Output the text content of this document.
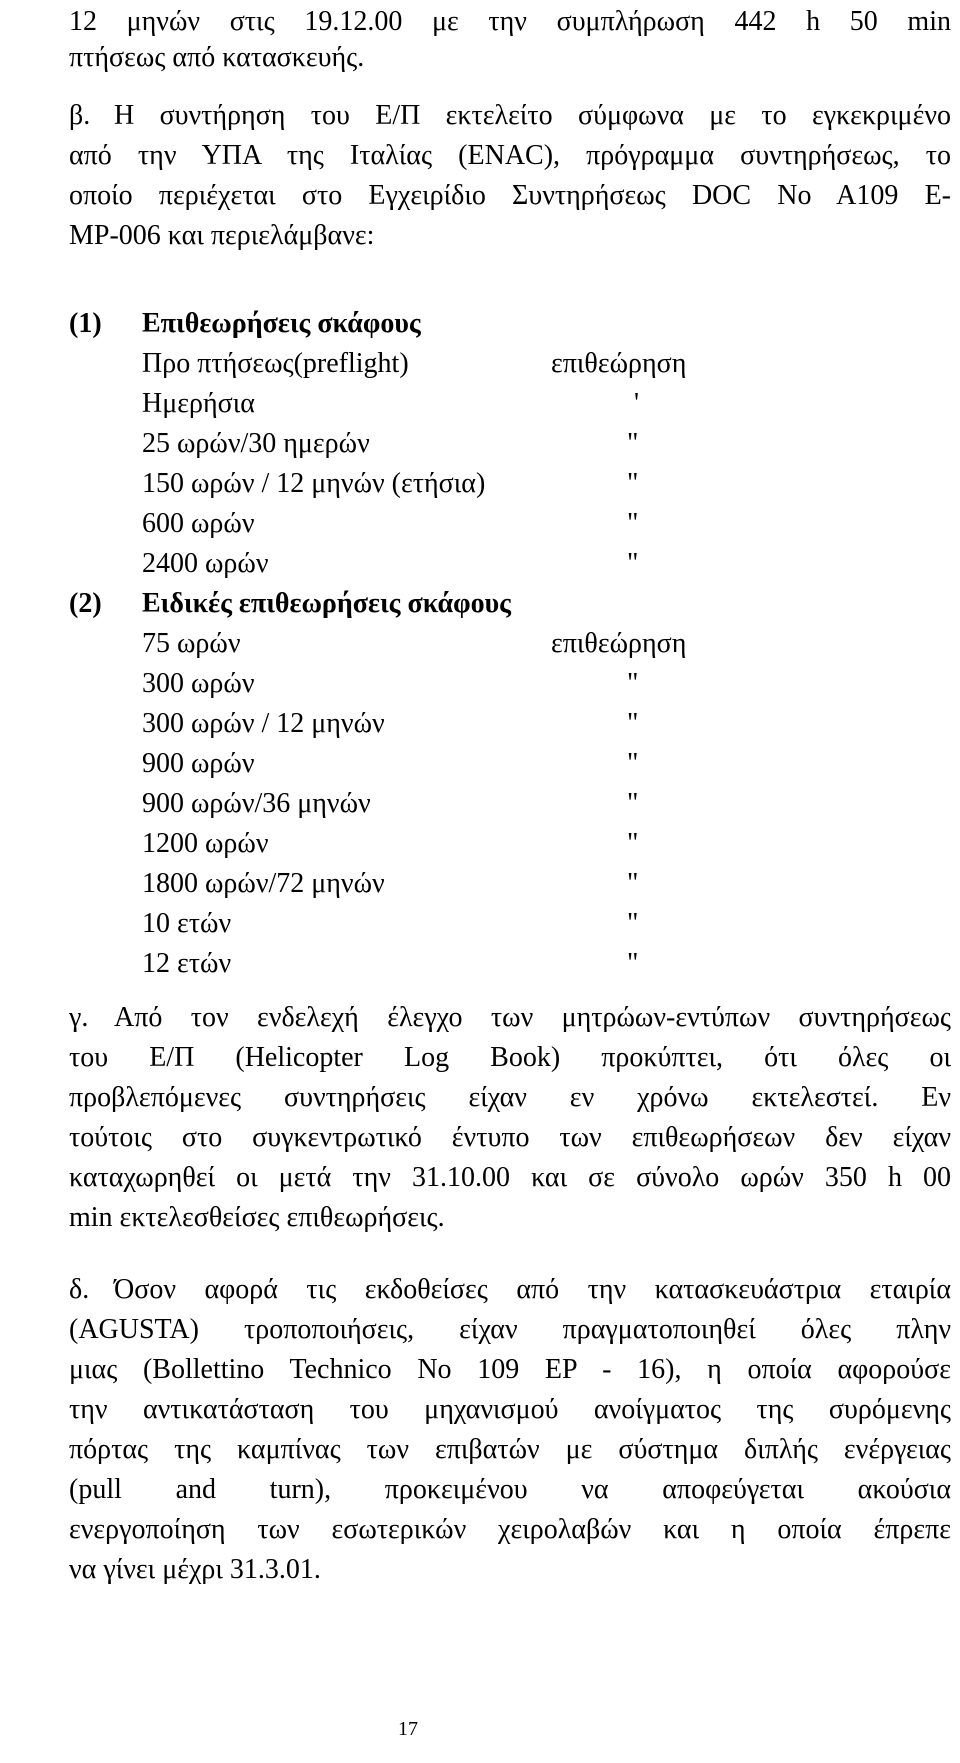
12 μηνών στις 19.12.00 με την συμπλήρωση 442 h 50 min
πτήσεως από κατασκευής.
β. Η συντήρηση του Ε/Π εκτελείτο σύμφωνα με το εγκεκριμένο
από την ΥΠΑ της Ιταλίας (ENAC), πρόγραμμα συντηρήσεως, το
οποίο περιέχεται στο Εγχειρίδιο Συντηρήσεως DOC No A109 E-
MP-006 και περιελάμβανε:
(1) Επιθεωρήσεις σκάφους
Προ πτήσεως(preflight)	επιθεώρηση
Ημερήσια	'
25 ωρών/30 ημερών	"
150 ωρών / 12 μηνών (ετήσια)	"
600 ωρών	"
2400 ωρών	"
(2) Ειδικές επιθεωρήσεις σκάφους
75 ωρών	επιθεώρηση
300 ωρών	"
300 ωρών / 12 μηνών	"
900 ωρών	"
900 ωρών/36 μηνών	"
1200 ωρών	"
1800 ωρών/72 μηνών	"
10 ετών	"
12 ετών	"
γ. Από τον ενδελεχή έλεγχο των μητρώων-εντύπων συντηρήσεως
του Ε/Π (Helicopter Log Book) προκύπτει, ότι όλες οι
προβλεπόμενες συντηρήσεις είχαν εν χρόνω εκτελεστεί. Εν
τούτοις στο συγκεντρωτικό έντυπο των επιθεωρήσεων δεν είχαν
καταχωρηθεί οι μετά την 31.10.00 και σε σύνολο ωρών 350 h 00
min εκτελεσθείσες επιθεωρήσεις.
δ. Όσον αφορά τις εκδοθείσες από την κατασκευάστρια εταιρία
(AGUSTA) τροποποιήσεις, είχαν πραγματοποιηθεί όλες πλην
μιας (Bollettino Technico No 109 EP - 16), η οποία αφορούσε
την αντικατάσταση του μηχανισμού ανοίγματος της συρόμενης
πόρτας της καμπίνας των επιβατών με σύστημα διπλής ενέργειας
(pull and turn), προκειμένου να αποφεύγεται ακούσια
ενεργοποίηση των εσωτερικών χειρολαβών και η οποία έπρεπε
να γίνει μέχρι 31.3.01.
17
